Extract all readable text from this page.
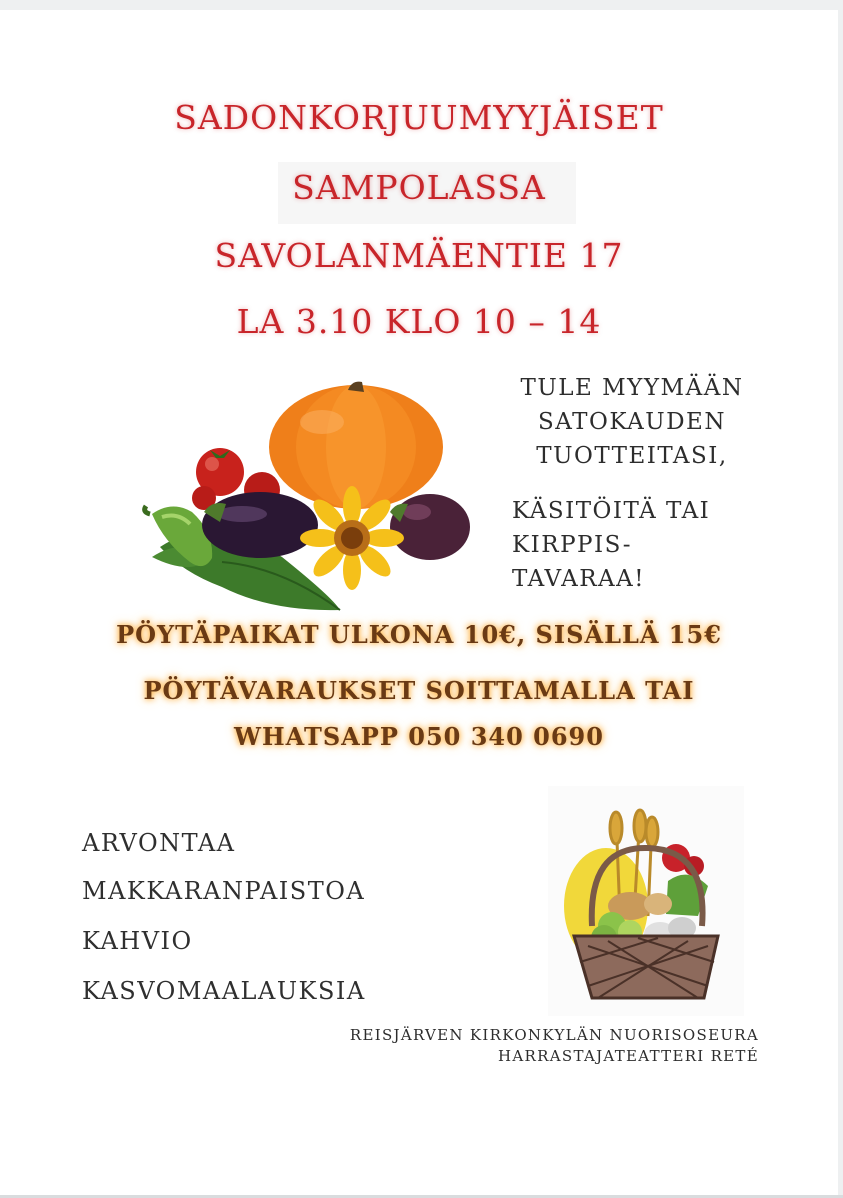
SADONKORJUUMYYJÄISET
SAMPOLASSA
SAVOLANMÄENTIE 17
LA 3.10 KLO 10 – 14
TULE MYYMÄÄN
SATOKAUDEN
TUOTTEITASI,
KÄSITÖITÄ TAI
KIRPPIS-
TAVARAA!
PÖYTÄPAIKAT ULKONA 10€, SISÄLLÄ 15€
PÖYTÄVARAUKSET SOITTAMALLA TAI
WHATSAPP 050 340 0690
ARVONTAA
MAKKARANPAISTOA
KAHVIO
KASVOMAALAUKSIA
REISJÄRVEN KIRKONKYLÄN NUORISOSEURA
HARRASTAJATEATTERI RETÉ
